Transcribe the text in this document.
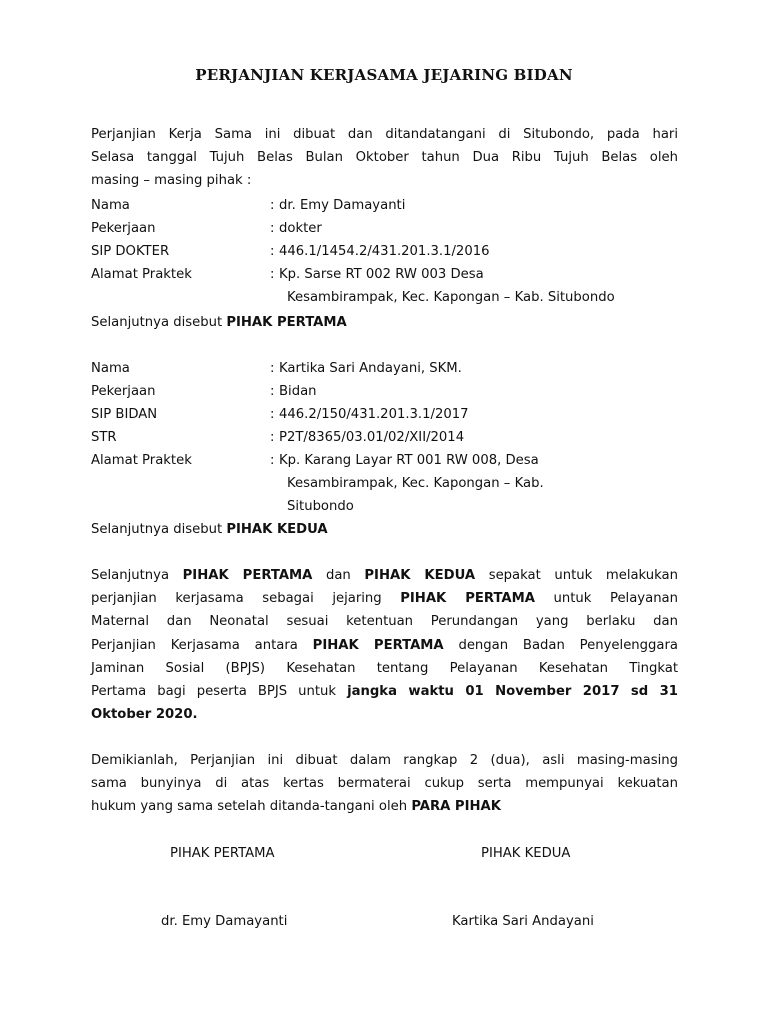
PERJANJIAN KERJASAMA JEJARING BIDAN
Perjanjian Kerja Sama ini dibuat dan ditandatangani di Situbondo, pada hari
Selasa tanggal Tujuh Belas Bulan Oktober tahun Dua Ribu Tujuh Belas oleh
masing – masing pihak :
Nama	: dr. Emy Damayanti
Pekerjaan	: dokter
SIP DOKTER	: 446.1/1454.2/431.201.3.1/2016
Alamat Praktek	: Kp. Sarse RT 002 RW 003 Desa
Kesambirampak, Kec. Kapongan – Kab. Situbondo
Selanjutnya disebut PIHAK PERTAMA
Nama	: Kartika Sari Andayani, SKM.
Pekerjaan	: Bidan
SIP BIDAN	: 446.2/150/431.201.3.1/2017
STR	: P2T/8365/03.01/02/XII/2014
Alamat Praktek	: Kp. Karang Layar RT 001 RW 008, Desa
Kesambirampak, Kec. Kapongan – Kab.
Situbondo
Selanjutnya disebut PIHAK KEDUA
Selanjutnya PIHAK PERTAMA dan PIHAK KEDUA sepakat untuk melakukan
perjanjian kerjasama sebagai jejaring PIHAK PERTAMA untuk Pelayanan
Maternal dan Neonatal sesuai ketentuan Perundangan yang berlaku dan
Perjanjian Kerjasama antara PIHAK PERTAMA dengan Badan Penyelenggara
Jaminan Sosial (BPJS) Kesehatan tentang Pelayanan Kesehatan Tingkat
Pertama bagi peserta BPJS untuk jangka waktu 01 November 2017 sd 31
Oktober 2020.
Demikianlah, Perjanjian ini dibuat dalam rangkap 2 (dua), asli masing-masing
sama bunyinya di atas kertas bermaterai cukup serta mempunyai kekuatan
hukum yang sama setelah ditanda-tangani oleh PARA PIHAK
PIHAK PERTAMA	PIHAK KEDUA
dr. Emy Damayanti	Kartika Sari Andayani
